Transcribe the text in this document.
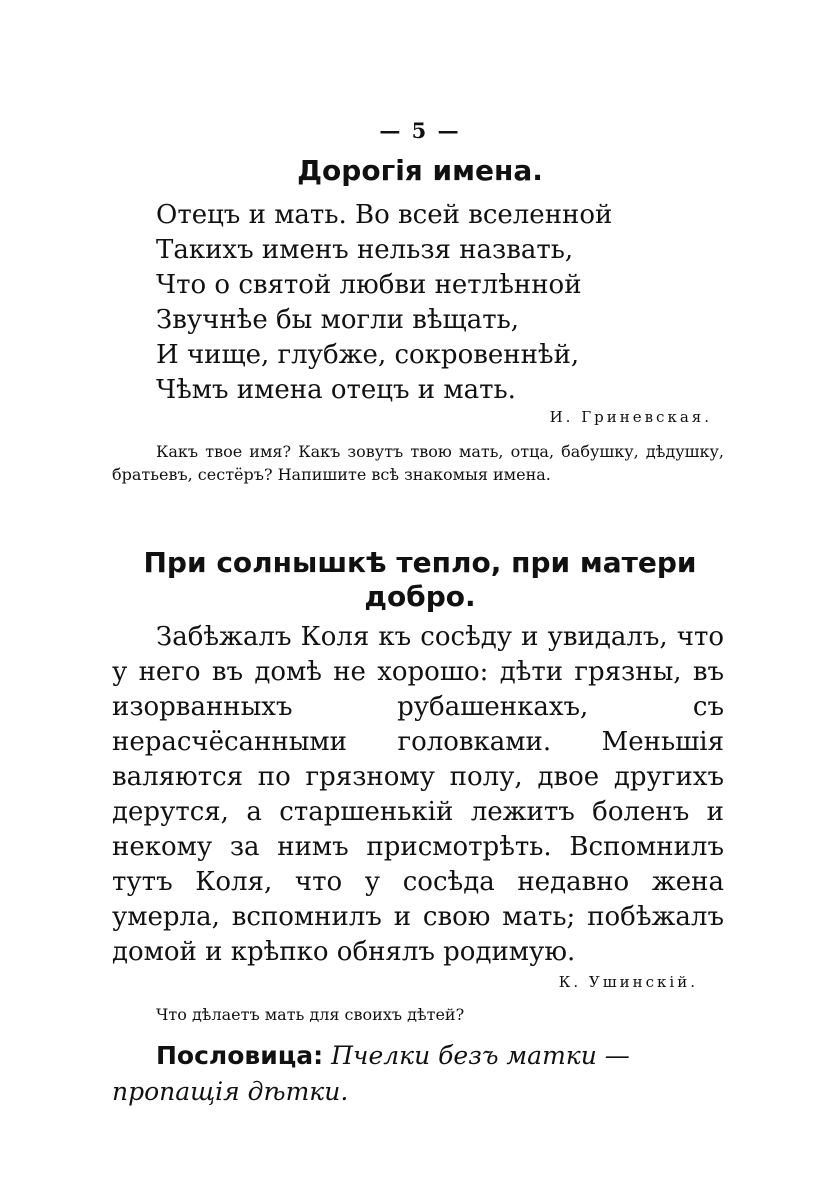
— 5 —
Дорогія имена.
Отецъ и мать. Во всей вселенной
Такихъ именъ нельзя назвать,
Что о святой любви нетлѣнной
Звучнѣе бы могли вѣщать,
И чище, глубже, сокровеннѣй,
Чѣмъ имена отецъ и мать.
И. Гриневская.
Какъ твое имя? Какъ зовутъ твою мать, отца, бабушку, дѣдушку, братьевъ, сестёръ? Напишите всѣ знакомыя имена.
При солнышкѣ тепло, при матери
добро.
Забѣжалъ Коля къ сосѣду и увидалъ, что у него въ домѣ не хорошо: дѣти грязны, въ изорванныхъ рубашенкахъ, съ нерасчёсанными головками. Меньшія валяются по грязному полу, двое другихъ дерутся, а старшенькій лежитъ боленъ и некому за нимъ присмотрѣть. Вспомнилъ тутъ Коля, что у сосѣда недавно жена умерла, вспомнилъ и свою мать; побѣжалъ домой и крѣпко обнялъ родимую.
К. Ушинскій.
Что дѣлаетъ мать для своихъ дѣтей?
Пословица: Пчелки безъ матки — пропащія дѣтки.
